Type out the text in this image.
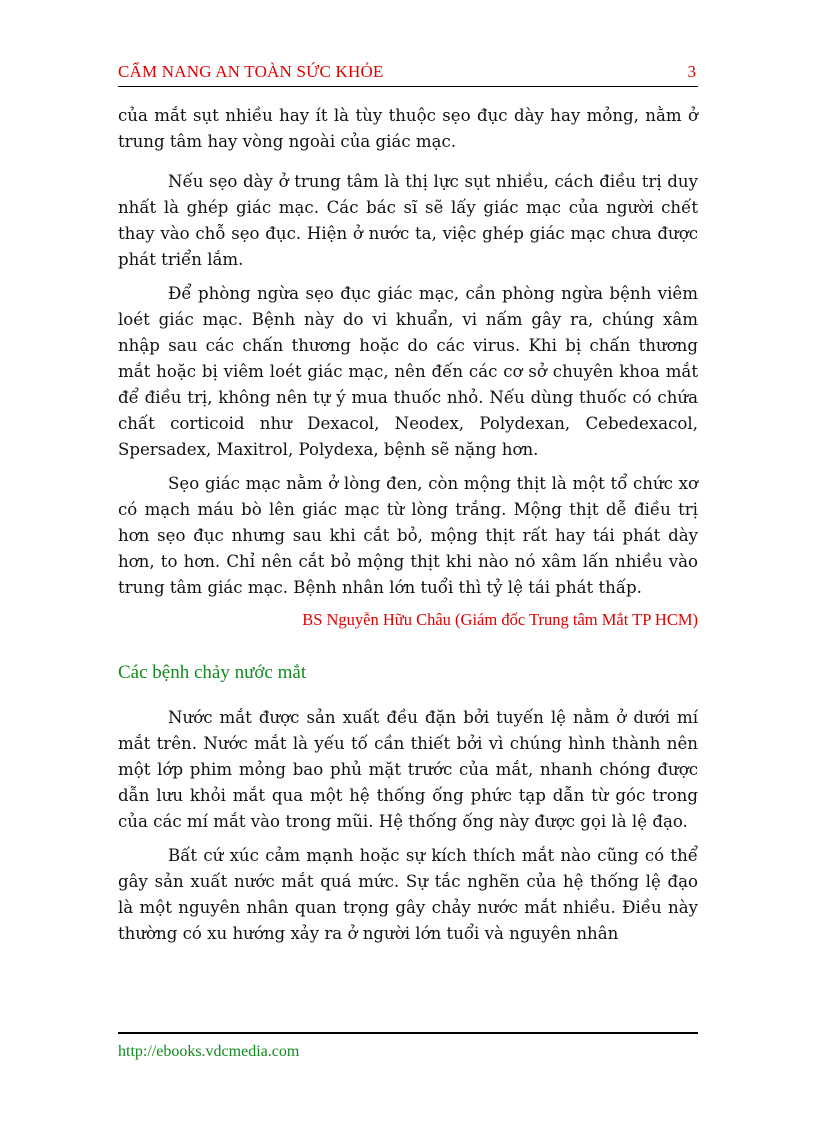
CẨM NANG AN TOÀN SỨC KHỎE	3

của mắt sụt nhiều hay ít là tùy thuộc sẹo đục dày hay mỏng, nằm ở trung tâm hay vòng ngoài của giác mạc.

Nếu sẹo dày ở trung tâm là thị lực sụt nhiều, cách điều trị duy nhất là ghép giác mạc. Các bác sĩ sẽ lấy giác mạc của người chết thay vào chỗ sẹo đục. Hiện ở nước ta, việc ghép giác mạc chưa được phát triển lắm.

Để phòng ngừa sẹo đục giác mạc, cần phòng ngừa bệnh viêm loét giác mạc. Bệnh này do vi khuẩn, vi nấm gây ra, chúng xâm nhập sau các chấn thương hoặc do các virus. Khi bị chấn thương mắt hoặc bị viêm loét giác mạc, nên đến các cơ sở chuyên khoa mắt để điều trị, không nên tự ý mua thuốc nhỏ. Nếu dùng thuốc có chứa chất corticoid như Dexacol, Neodex, Polydexan, Cebedexacol, Spersadex, Maxitrol, Polydexa, bệnh sẽ nặng hơn.

Sẹo giác mạc nằm ở lòng đen, còn mộng thịt là một tổ chức xơ có mạch máu bò lên giác mạc từ lòng trắng. Mộng thịt dễ điều trị hơn sẹo đục nhưng sau khi cắt bỏ, mộng thịt rất hay tái phát dày hơn, to hơn. Chỉ nên cắt bỏ mộng thịt khi nào nó xâm lấn nhiều vào trung tâm giác mạc. Bệnh nhân lớn tuổi thì tỷ lệ tái phát thấp.

BS Nguyễn Hữu Châu (Giám đốc Trung tâm Mắt TP HCM)
Các bệnh chảy nước mắt

Nước mắt được sản xuất đều đặn bởi tuyến lệ nằm ở dưới mí mắt trên. Nước mắt là yếu tố cần thiết bởi vì chúng hình thành nên một lớp phim mỏng bao phủ mặt trước của mắt, nhanh chóng được dẫn lưu khỏi mắt qua một hệ thống ống phức tạp dẫn từ góc trong của các mí mắt vào trong mũi. Hệ thống ống này được gọi là lệ đạo.

Bất cứ xúc cảm mạnh hoặc sự kích thích mắt nào cũng có thể gây sản xuất nước mắt quá mức. Sự tắc nghẽn của hệ thống lệ đạo là một nguyên nhân quan trọng gây chảy nước mắt nhiều. Điều này thường có xu hướng xảy ra ở người lớn tuổi và nguyên nhân

http://ebooks.vdcmedia.com
